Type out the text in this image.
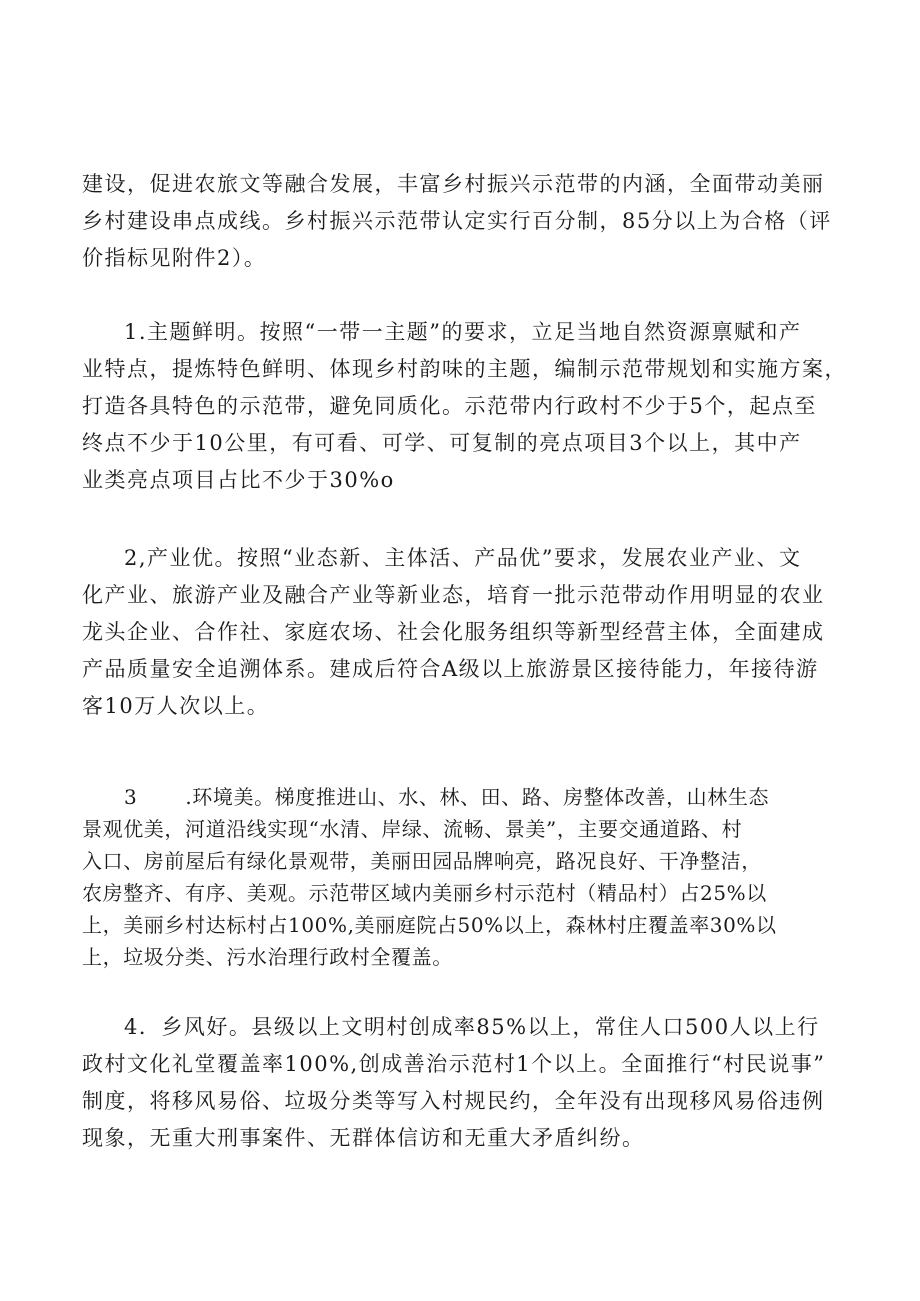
建设，促进农旅文等融合发展，丰富乡村振兴示范带的内涵，全面带动美丽
乡村建设串点成线。乡村振兴示范带认定实行百分制，85分以上为合格（评
价指标见附件2）。
1.主题鲜明。按照“一带一主题”的要求，立足当地自然资源禀赋和产
业特点，提炼特色鲜明、体现乡村韵味的主题，编制示范带规划和实施方案，
打造各具特色的示范带，避免同质化。示范带内行政村不少于5个，起点至
终点不少于10公里，有可看、可学、可复制的亮点项目3个以上，其中产
业类亮点项目占比不少于30%o
2,产业优。按照“业态新、主体活、产品优”要求，发展农业产业、文
化产业、旅游产业及融合产业等新业态，培育一批示范带动作用明显的农业
龙头企业、合作社、家庭农场、社会化服务组织等新型经营主体，全面建成
产品质量安全追溯体系。建成后符合A级以上旅游景区接待能力，年接待游
客10万人次以上。
3 .环境美。梯度推进山、水、林、田、路、房整体改善，山林生态
景观优美，河道沿线实现“水清、岸绿、流畅、景美”，主要交通道路、村
入口、房前屋后有绿化景观带，美丽田园品牌响亮，路况良好、干净整洁，
农房整齐、有序、美观。示范带区域内美丽乡村示范村（精品村）占25%以
上，美丽乡村达标村占100%,美丽庭院占50%以上，森林村庄覆盖率30%以
上，垃圾分类、污水治理行政村全覆盖。
4．乡风好。县级以上文明村创成率85%以上，常住人口500人以上行
政村文化礼堂覆盖率100%,创成善治示范村1个以上。全面推行“村民说事”
制度，将移风易俗、垃圾分类等写入村规民约，全年没有出现移风易俗违例
现象，无重大刑事案件、无群体信访和无重大矛盾纠纷。
